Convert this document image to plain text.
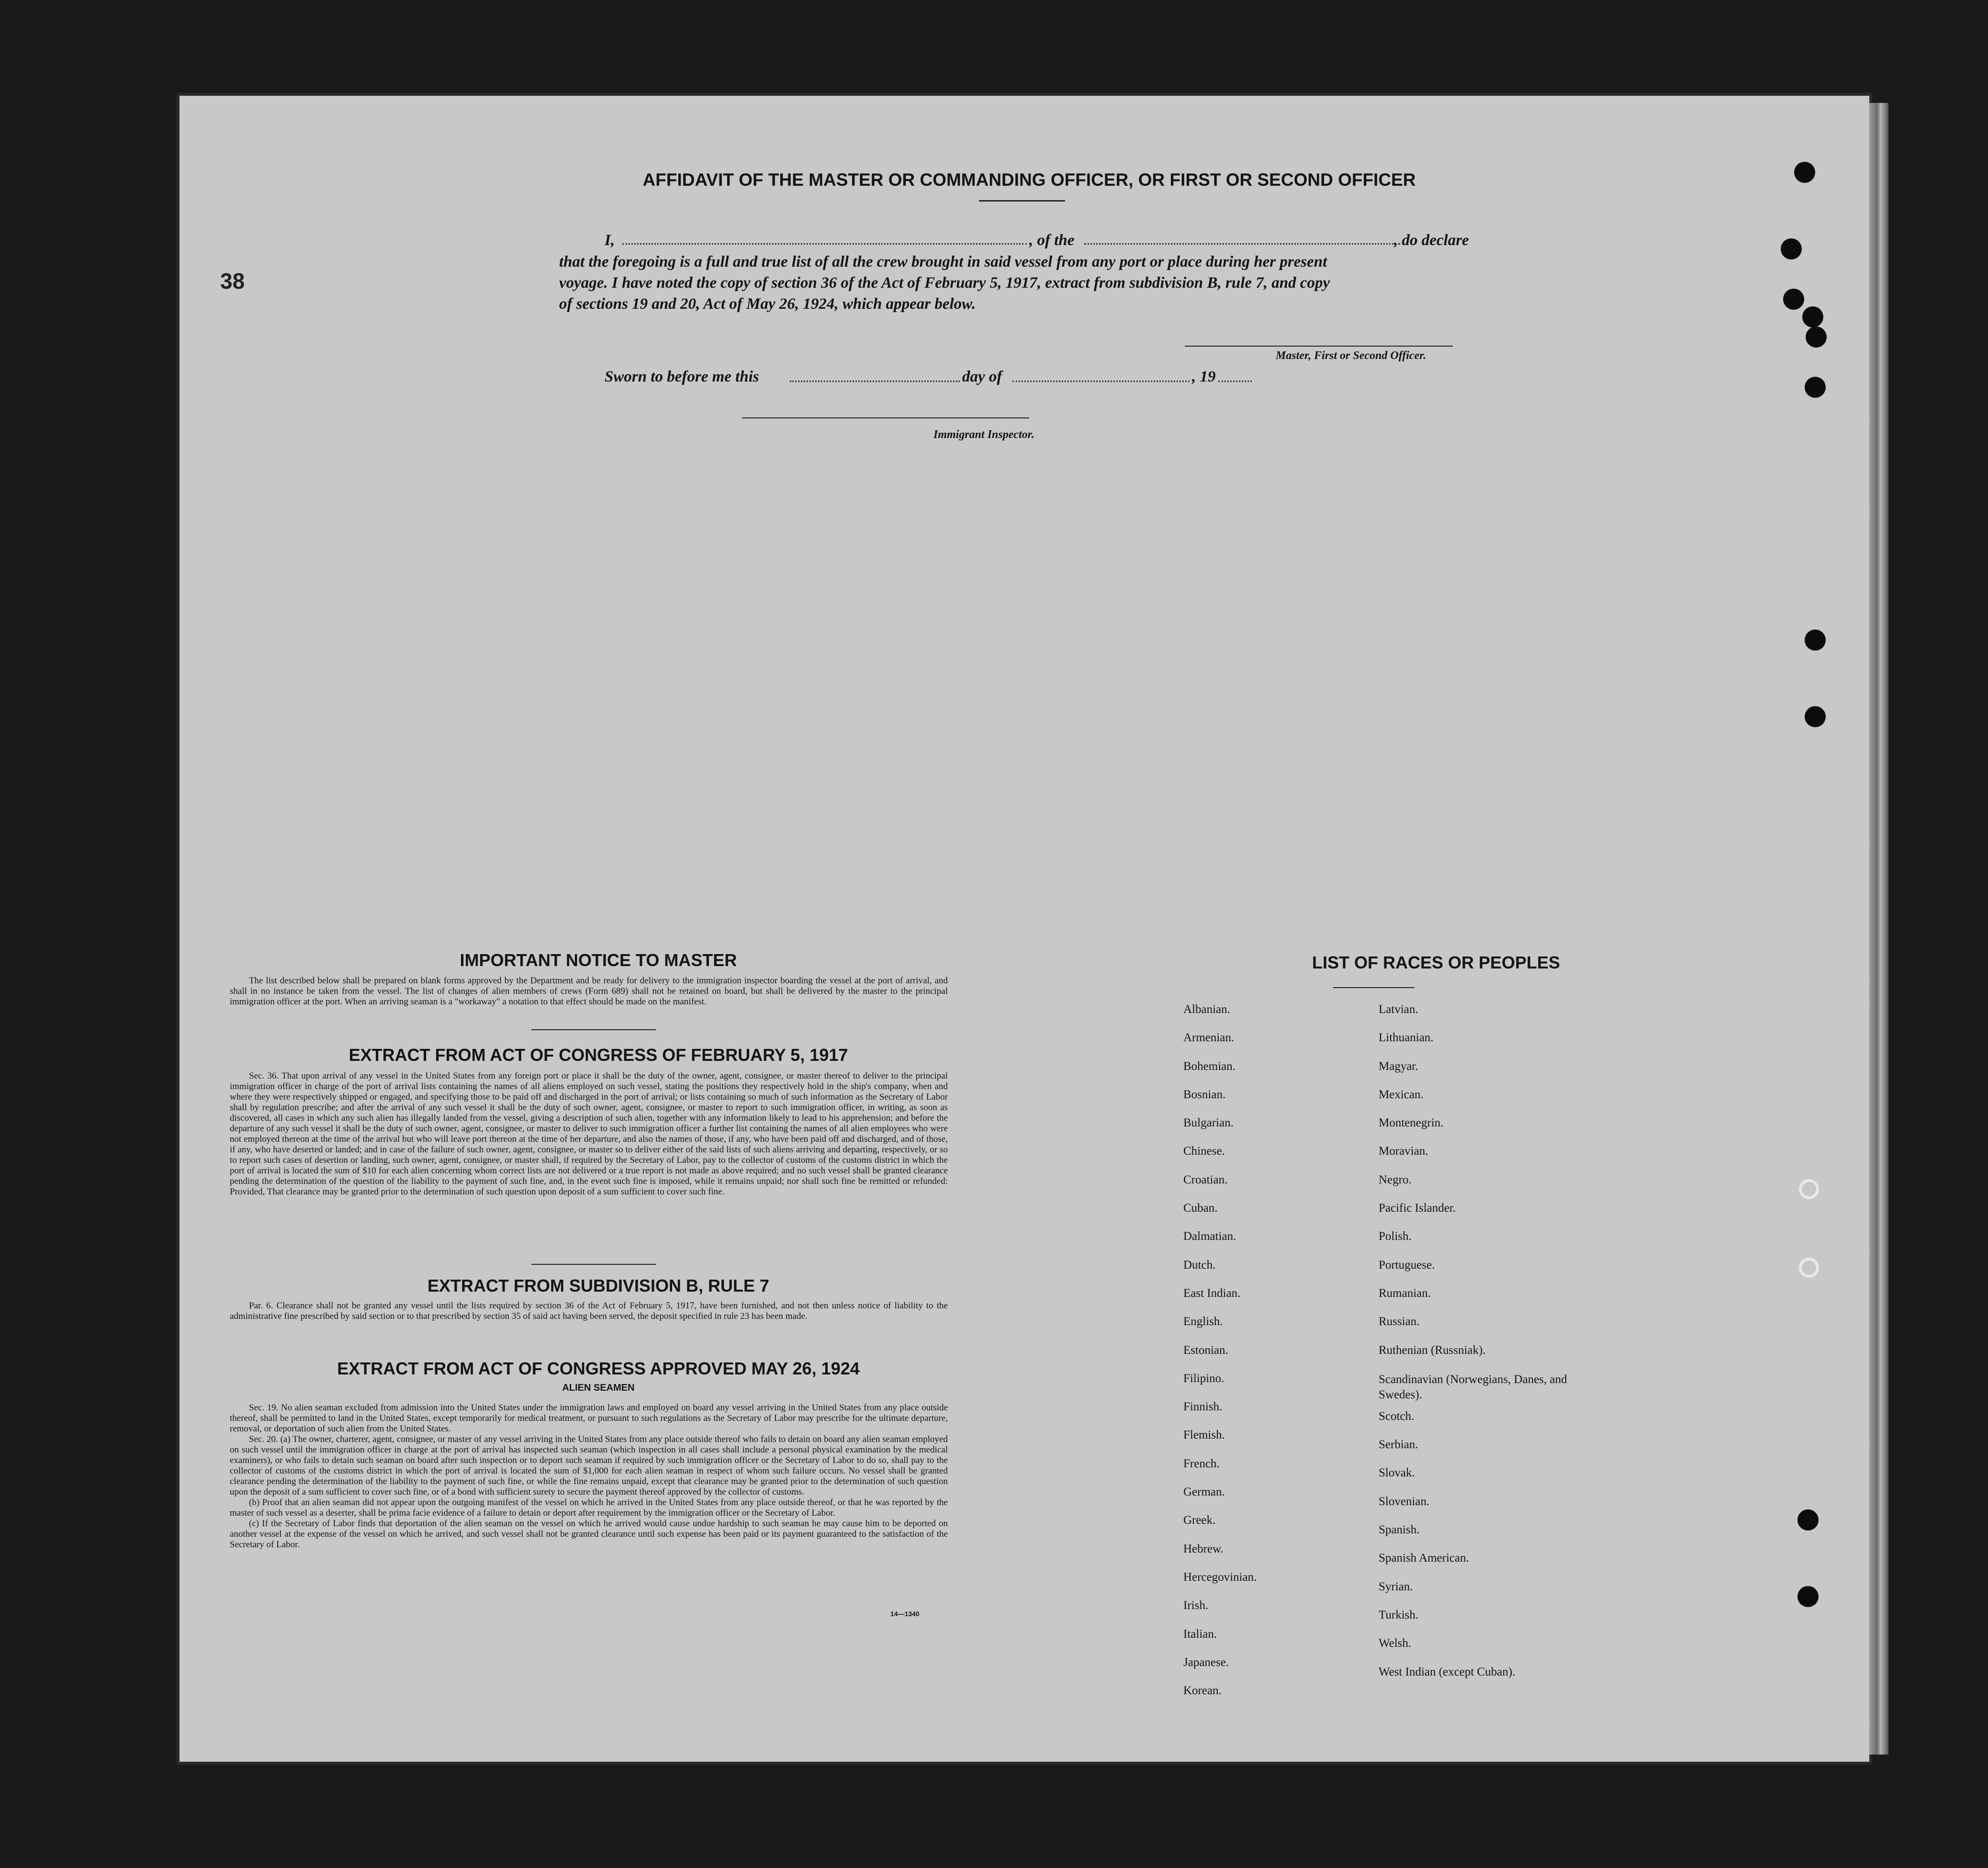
38
AFFIDAVIT OF THE MASTER OR COMMANDING OFFICER, OR FIRST OR SECOND OFFICER
I,	, of the	, do declare
that the foregoing is a full and true list of all the crew brought in said vessel from any port or place during her present
voyage. I have noted the copy of section 36 of the Act of February 5, 1917, extract from subdivision B, rule 7, and copy
of sections 19 and 20, Act of May 26, 1924, which appear below.
Master, First or Second Officer.
Sworn to before me this	day of	, 19
Immigrant Inspector.
IMPORTANT NOTICE TO MASTER

The list described below shall be prepared on blank forms approved by the Department and be ready for delivery to the immigration inspector boarding the vessel at the port of arrival, and shall in no instance be taken from the vessel. The list of changes of alien members of crews (Form 689) shall not be retained on board, but shall be delivered by the master to the principal immigration officer at the port. When an arriving seaman is a "workaway" a notation to that effect should be made on the manifest.

EXTRACT FROM ACT OF CONGRESS OF FEBRUARY 5, 1917

Sec. 36. That upon arrival of any vessel in the United States from any foreign port or place it shall be the duty of the owner, agent, consignee, or master thereof to deliver to the principal immigration officer in charge of the port of arrival lists containing the names of all aliens employed on such vessel, stating the positions they respectively hold in the ship's company, when and where they were respectively shipped or engaged, and specifying those to be paid off and discharged in the port of arrival; or lists containing so much of such information as the Secretary of Labor shall by regulation prescribe; and after the arrival of any such vessel it shall be the duty of such owner, agent, consignee, or master to report to such immigration officer, in writing, as soon as discovered, all cases in which any such alien has illegally landed from the vessel, giving a description of such alien, together with any information likely to lead to his apprehension; and before the departure of any such vessel it shall be the duty of such owner, agent, consignee, or master to deliver to such immigration officer a further list containing the names of all alien employees who were not employed thereon at the time of the arrival but who will leave port thereon at the time of her departure, and also the names of those, if any, who have been paid off and discharged, and of those, if any, who have deserted or landed; and in case of the failure of such owner, agent, consignee, or master so to deliver either of the said lists of such aliens arriving and departing, respectively, or so to report such cases of desertion or landing, such owner, agent, consignee, or master shall, if required by the Secretary of Labor, pay to the collector of customs of the customs district in which the port of arrival is located the sum of $10 for each alien concerning whom correct lists are not delivered or a true report is not made as above required; and no such vessel shall be granted clearance pending the determination of the question of the liability to the payment of such fine, and, in the event such fine is imposed, while it remains unpaid; nor shall such fine be remitted or refunded: Provided, That clearance may be granted prior to the determination of such question upon deposit of a sum sufficient to cover such fine.

EXTRACT FROM SUBDIVISION B, RULE 7

Par. 6. Clearance shall not be granted any vessel until the lists required by section 36 of the Act of February 5, 1917, have been furnished, and not then unless notice of liability to the administrative fine prescribed by said section or to that prescribed by section 35 of said act having been served, the deposit specified in rule 23 has been made.

EXTRACT FROM ACT OF CONGRESS APPROVED MAY 26, 1924
ALIEN SEAMEN

Sec. 19. No alien seaman excluded from admission into the United States under the immigration laws and employed on board any vessel arriving in the United States from any place outside thereof, shall be permitted to land in the United States, except temporarily for medical treatment, or pursuant to such regulations as the Secretary of Labor may prescribe for the ultimate departure, removal, or deportation of such alien from the United States.

Sec. 20. (a) The owner, charterer, agent, consignee, or master of any vessel arriving in the United States from any place outside thereof who fails to detain on board any alien seaman employed on such vessel until the immigration officer in charge at the port of arrival has inspected such seaman (which inspection in all cases shall include a personal physical examination by the medical examiners), or who fails to detain such seaman on board after such inspection or to deport such seaman if required by such immigration officer or the Secretary of Labor to do so, shall pay to the collector of customs of the customs district in which the port of arrival is located the sum of $1,000 for each alien seaman in respect of whom such failure occurs. No vessel shall be granted clearance pending the determination of the liability to the payment of such fine, or while the fine remains unpaid, except that clearance may be granted prior to the determination of such question upon the deposit of a sum sufficient to cover such fine, or of a bond with sufficient surety to secure the payment thereof approved by the collector of customs.

(b) Proof that an alien seaman did not appear upon the outgoing manifest of the vessel on which he arrived in the United States from any place outside thereof, or that he was reported by the master of such vessel as a deserter, shall be prima facie evidence of a failure to detain or deport after requirement by the immigration officer or the Secretary of Labor.

(c) If the Secretary of Labor finds that deportation of the alien seaman on the vessel on which he arrived would cause undue hardship to such seaman he may cause him to be deported on another vessel at the expense of the vessel on which he arrived, and such vessel shall not be granted clearance until such expense has been paid or its payment guaranteed to the satisfaction of the Secretary of Labor.

14—1340
LIST OF RACES OR PEOPLES
Albanian.
Armenian.
Bohemian.
Bosnian.
Bulgarian.
Chinese.
Croatian.
Cuban.
Dalmatian.
Dutch.
East Indian.
English.
Estonian.
Filipino.
Finnish.
Flemish.
French.
German.
Greek.
Hebrew.
Hercegovinian.
Irish.
Italian.
Japanese.
Korean.
Latvian.
Lithuanian.
Magyar.
Mexican.
Montenegrin.
Moravian.
Negro.
Pacific Islander.
Polish.
Portuguese.
Rumanian.
Russian.
Ruthenian (Russniak).
Scandinavian (Norwegians, Danes, and Swedes).
Scotch.
Serbian.
Slovak.
Slovenian.
Spanish.
Spanish American.
Syrian.
Turkish.
Welsh.
West Indian (except Cuban).
